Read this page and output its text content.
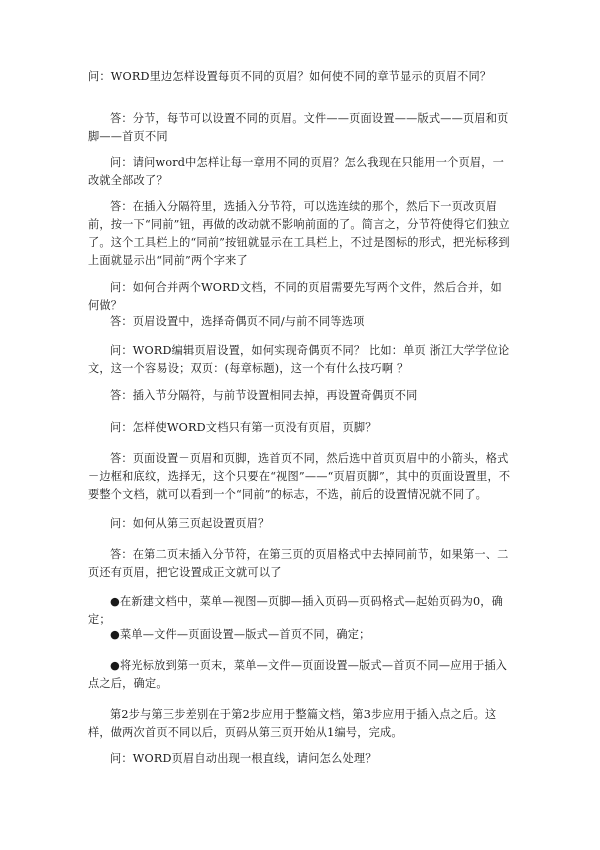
问：WORD里边怎样设置每页不同的页眉？如何使不同的章节显示的页眉不同？

答：分节，每节可以设置不同的页眉。文件——页面设置——版式——页眉和页脚——首页不同

问：请问word中怎样让每一章用不同的页眉？怎么我现在只能用一个页眉，一改就全部改了？

答：在插入分隔符里，选插入分节符，可以选连续的那个，然后下一页改页眉前，按一下“同前”钮，再做的改动就不影响前面的了。简言之，分节符使得它们独立了。这个工具栏上的“同前”按钮就显示在工具栏上，不过是图标的形式，把光标移到上面就显示出“同前”两个字来了

问：如何合并两个WORD文档，不同的页眉需要先写两个文件，然后合并，如何做？

答：页眉设置中，选择奇偶页不同/与前不同等选项

问：WORD编辑页眉设置，如何实现奇偶页不同？ 比如：单页 浙江大学学位论文，这一个容易设；双页：(每章标题)，这一个有什么技巧啊 ？

答：插入节分隔符，与前节设置相同去掉，再设置奇偶页不同

问：怎样使WORD文档只有第一页没有页眉，页脚？

答：页面设置－页眉和页脚，选首页不同，然后选中首页页眉中的小箭头，格式－边框和底纹，选择无，这个只要在“视图”——“页眉页脚”，其中的页面设置里，不要整个文档，就可以看到一个“同前”的标志，不选，前后的设置情况就不同了。

问：如何从第三页起设置页眉？

答：在第二页末插入分节符，在第三页的页眉格式中去掉同前节，如果第一、二页还有页眉，把它设置成正文就可以了

●在新建文档中，菜单—视图—页脚—插入页码—页码格式—起始页码为0，确定；

●菜单—文件—页面设置—版式—首页不同，确定；

●将光标放到第一页末，菜单—文件—页面设置—版式—首页不同—应用于插入点之后，确定。

第2步与第三步差别在于第2步应用于整篇文档，第3步应用于插入点之后。这样，做两次首页不同以后，页码从第三页开始从1编号，完成。

问：WORD页眉自动出现一根直线，请问怎么处理？
